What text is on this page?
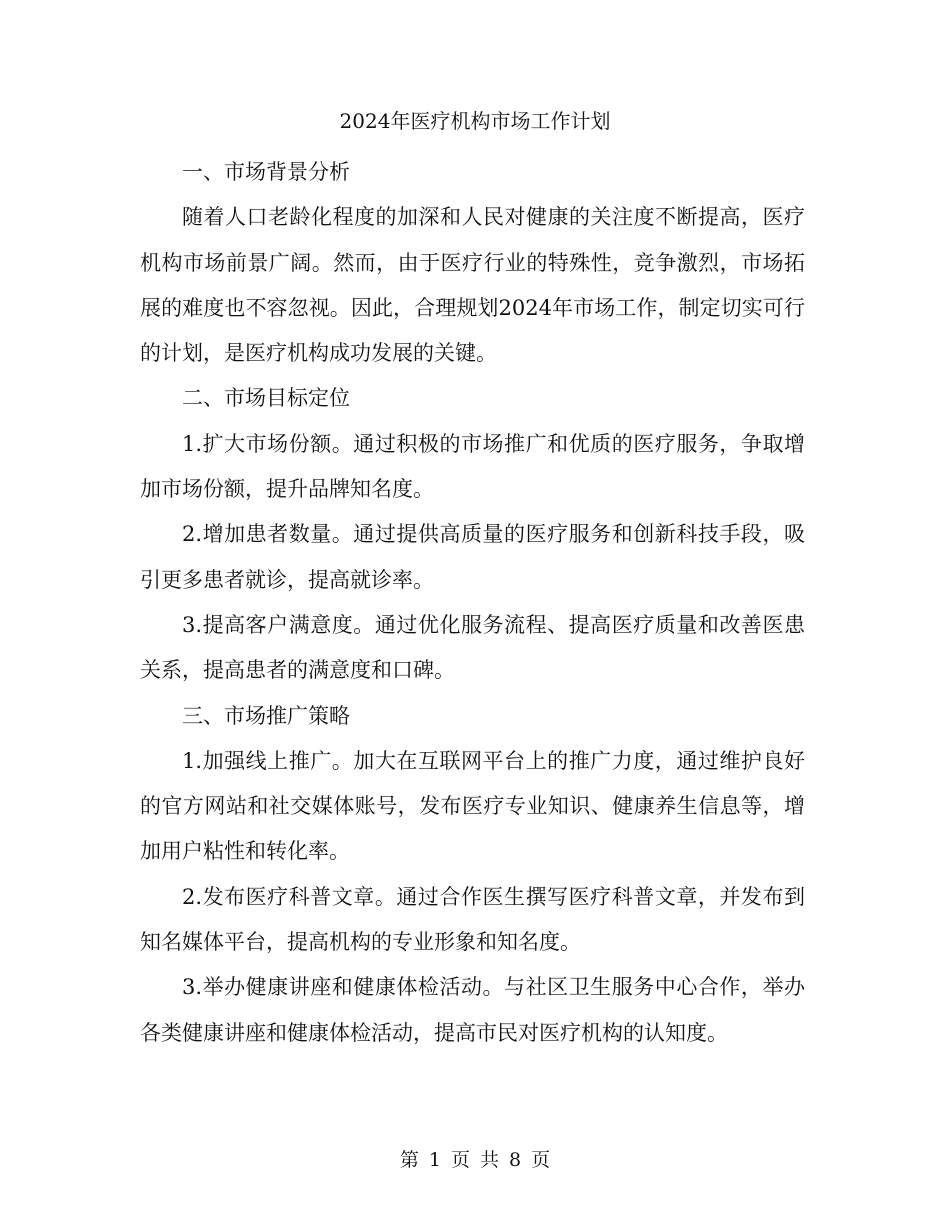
2024年医疗机构市场工作计划

一、市场背景分析

随着人口老龄化程度的加深和人民对健康的关注度不断提高，医疗机构市场前景广阔。然而，由于医疗行业的特殊性，竞争激烈，市场拓展的难度也不容忽视。因此，合理规划2024年市场工作，制定切实可行的计划，是医疗机构成功发展的关键。

二、市场目标定位

1.扩大市场份额。通过积极的市场推广和优质的医疗服务，争取增加市场份额，提升品牌知名度。

2.增加患者数量。通过提供高质量的医疗服务和创新科技手段，吸引更多患者就诊，提高就诊率。

3.提高客户满意度。通过优化服务流程、提高医疗质量和改善医患关系，提高患者的满意度和口碑。

三、市场推广策略

1.加强线上推广。加大在互联网平台上的推广力度，通过维护良好的官方网站和社交媒体账号，发布医疗专业知识、健康养生信息等，增加用户粘性和转化率。

2.发布医疗科普文章。通过合作医生撰写医疗科普文章，并发布到知名媒体平台，提高机构的专业形象和知名度。

3.举办健康讲座和健康体检活动。与社区卫生服务中心合作，举办各类健康讲座和健康体检活动，提高市民对医疗机构的认知度。

第 1 页 共 8 页
